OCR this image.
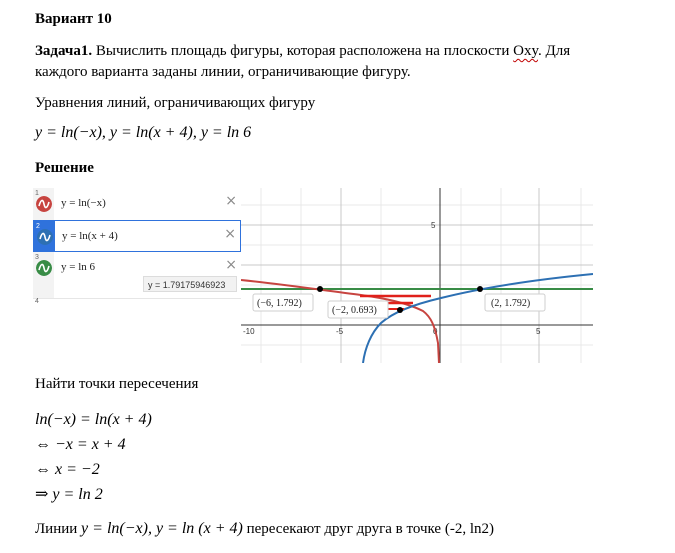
Вариант 10
Задача1. Вычислить площадь фигуры, которая расположена на плоскости Oxy. Для каждого варианта заданы линии, ограничивающие фигуру.
Уравнения линий, ограничивающих фигуру
y = ln(−x), y = ln(x + 4), y = ln 6
Решение
1
y = ln(−x)	×
2
y = ln(x + 4)	×
3
y = ln 6	×
y = 1.79175946923
4
5
-10	-5	0	5
(−6, 1.792)
(−2, 0.693)
(2, 1.792)
Найти точки пересечения
ln(−x) = ln(x + 4)
⇔ −x = x + 4
⇔ x = −2
⇒ y = ln 2
Линии y = ln(−x), y = ln (x + 4) пересекают друг друга в точке (-2, ln2)
